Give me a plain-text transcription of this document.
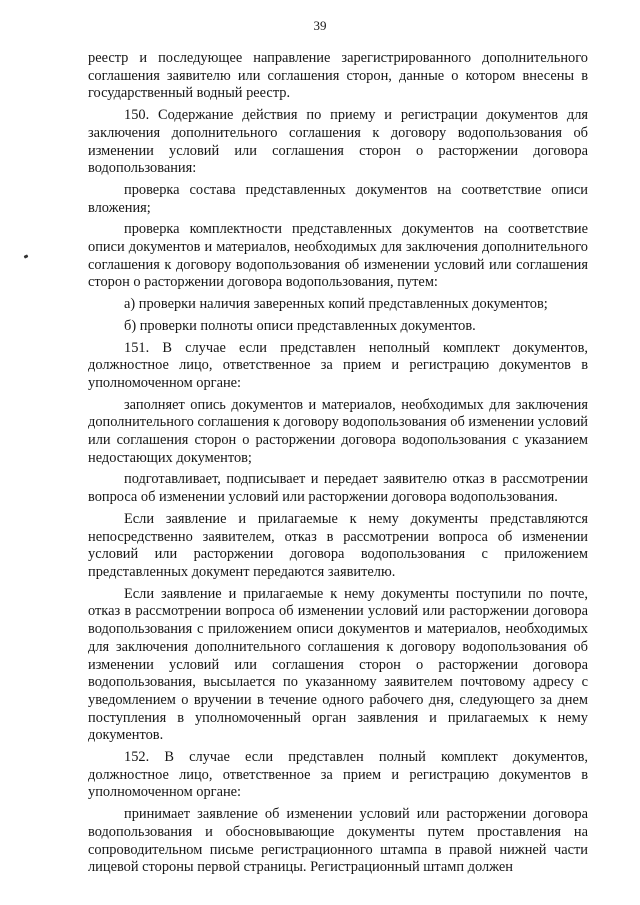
39

реестр и последующее направление зарегистрированного дополнительного соглашения заявителю или соглашения сторон, данные о котором внесены в государственный водный реестр.

150. Содержание действия по приему и регистрации документов для заключения дополнительного соглашения к договору водопользования об изменении условий или соглашения сторон о расторжении договора водопользования:

проверка состава представленных документов на соответствие описи вложения;

проверка комплектности представленных документов на соответствие описи документов и материалов, необходимых для заключения дополнительного соглашения к договору водопользования об изменении условий или соглашения сторон о расторжении договора водопользования, путем:

а) проверки наличия заверенных копий представленных документов;

б) проверки полноты описи представленных документов.

151. В случае если представлен неполный комплект документов, должностное лицо, ответственное за прием и регистрацию документов в уполномоченном органе:

заполняет опись документов и материалов, необходимых для заключения дополнительного соглашения к договору водопользования об изменении условий или соглашения сторон о расторжении договора водопользования с указанием недостающих документов;

подготавливает, подписывает и передает заявителю отказ в рассмотрении вопроса об изменении условий или расторжении договора водопользования.

Если заявление и прилагаемые к нему документы представляются непосредственно заявителем, отказ в рассмотрении вопроса об изменении условий или расторжении договора водопользования с приложением представленных документ передаются заявителю.

Если заявление и прилагаемые к нему документы поступили по почте, отказ в рассмотрении вопроса об изменении условий или расторжении договора водопользования с приложением описи документов и материалов, необходимых для заключения дополнительного соглашения к договору водопользования об изменении условий или соглашения сторон о расторжении договора водопользования, высылается по указанному заявителем почтовому адресу с уведомлением о вручении в течение одного рабочего дня, следующего за днем поступления в уполномоченный орган заявления и прилагаемых к нему документов.

152. В случае если представлен полный комплект документов, должностное лицо, ответственное за прием и регистрацию документов в уполномоченном органе:

принимает заявление об изменении условий или расторжении договора водопользования и обосновывающие документы путем проставления на сопроводительном письме регистрационного штампа в правой нижней части лицевой стороны первой страницы. Регистрационный штамп должен
